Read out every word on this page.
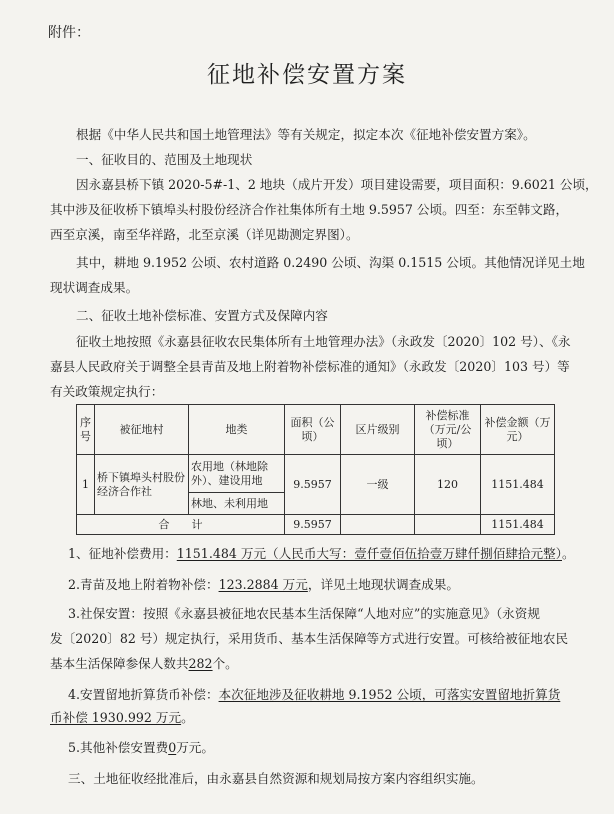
附件：
征地补偿安置方案
根据《中华人民共和国土地管理法》等有关规定，拟定本次《征地补偿安置方案》。
一、征收目的、范围及土地现状
因永嘉县桥下镇 2020-5#-1、2 地块（成片开发）项目建设需要，项目面积：9.6021 公顷，
其中涉及征收桥下镇埠头村股份经济合作社集体所有土地 9.5957 公顷。四至：东至韩文路，
西至京溪，南至华祥路，北至京溪（详见勘测定界图）。
其中，耕地 9.1952 公顷、农村道路 0.2490 公顷、沟渠 0.1515 公顷。其他情况详见土地
现状调查成果。
二、征收土地补偿标准、安置方式及保障内容
征收土地按照《永嘉县征收农民集体所有土地管理办法》（永政发〔2020〕102 号）、《永
嘉县人民政府关于调整全县青苗及地上附着物补偿标准的通知》（永政发〔2020〕103 号）等
有关政策规定执行：
序号	被征地村	地类	面积（公顷）	区片级别	补偿标准（万元/公顷）	补偿金额（万元）
1	桥下镇埠头村股份经济合作社	农用地（林地除外）、建设用地	9.5957	一级	120	1151.484
		林地、未利用地				
合　　计			9.5957			1151.484
1、征地补偿费用：1151.484 万元（人民币大写：壹仟壹佰伍拾壹万肆仟捌佰肆拾元整）。
2.青苗及地上附着物补偿：123.2884 万元，详见土地现状调查成果。
3.社保安置：按照《永嘉县被征地农民基本生活保障“人地对应”的实施意见》（永资规
发〔2020〕82 号）规定执行，采用货币、基本生活保障等方式进行安置。可核给被征地农民
基本生活保障参保人数共282个。
4.安置留地折算货币补偿：本次征地涉及征收耕地 9.1952 公顷，可落实安置留地折算货
币补偿 1930.992 万元。
5.其他补偿安置费0万元。
三、土地征收经批准后，由永嘉县自然资源和规划局按方案内容组织实施。
